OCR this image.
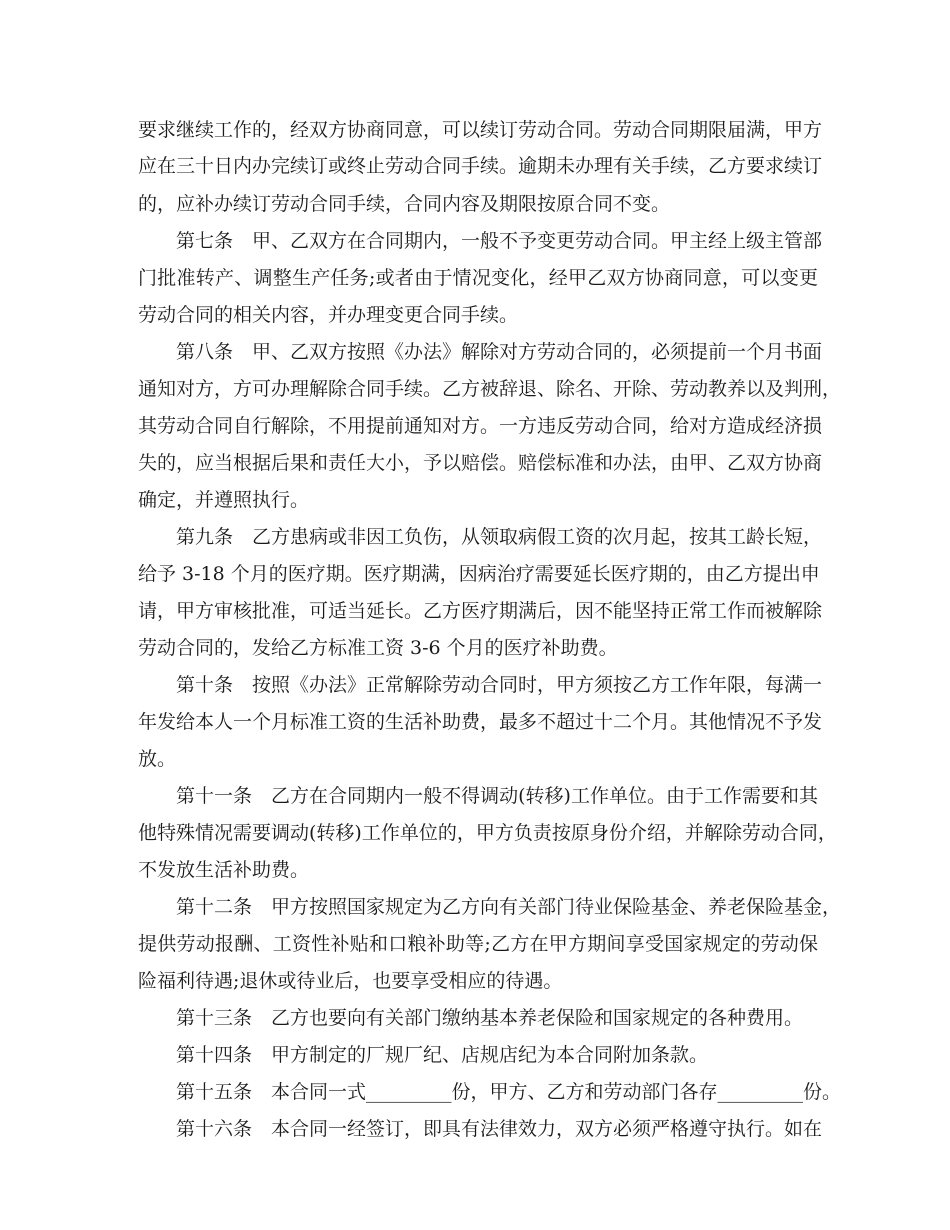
要求继续工作的，经双方协商同意，可以续订劳动合同。劳动合同期限届满，甲方
应在三十日内办完续订或终止劳动合同手续。逾期未办理有关手续，乙方要求续订
的，应补办续订劳动合同手续，合同内容及期限按原合同不变。
第七条　甲、乙双方在合同期内，一般不予变更劳动合同。甲主经上级主管部
门批准转产、调整生产任务;或者由于情况变化，经甲乙双方协商同意，可以变更
劳动合同的相关内容，并办理变更合同手续。
第八条　甲、乙双方按照《办法》解除对方劳动合同的，必须提前一个月书面
通知对方，方可办理解除合同手续。乙方被辞退、除名、开除、劳动教养以及判刑，
其劳动合同自行解除，不用提前通知对方。一方违反劳动合同，给对方造成经济损
失的，应当根据后果和责任大小，予以赔偿。赔偿标准和办法，由甲、乙双方协商
确定，并遵照执行。
第九条　乙方患病或非因工负伤，从领取病假工资的次月起，按其工龄长短，
给予 3-18 个月的医疗期。医疗期满，因病治疗需要延长医疗期的，由乙方提出申
请，甲方审核批准，可适当延长。乙方医疗期满后，因不能坚持正常工作而被解除
劳动合同的，发给乙方标准工资 3-6 个月的医疗补助费。
第十条　按照《办法》正常解除劳动合同时，甲方须按乙方工作年限，每满一
年发给本人一个月标准工资的生活补助费，最多不超过十二个月。其他情况不予发
放。
第十一条　乙方在合同期内一般不得调动(转移)工作单位。由于工作需要和其
他特殊情况需要调动(转移)工作单位的，甲方负责按原身份介绍，并解除劳动合同，
不发放生活补助费。
第十二条　甲方按照国家规定为乙方向有关部门待业保险基金、养老保险基金，
提供劳动报酬、工资性补贴和口粮补助等;乙方在甲方期间享受国家规定的劳动保
险福利待遇;退休或待业后，也要享受相应的待遇。
第十三条　乙方也要向有关部门缴纳基本养老保险和国家规定的各种费用。
第十四条　甲方制定的厂规厂纪、店规店纪为本合同附加条款。
第十五条　本合同一式_________份，甲方、乙方和劳动部门各存_________份。
第十六条　本合同一经签订，即具有法律效力，双方必须严格遵守执行。如在
